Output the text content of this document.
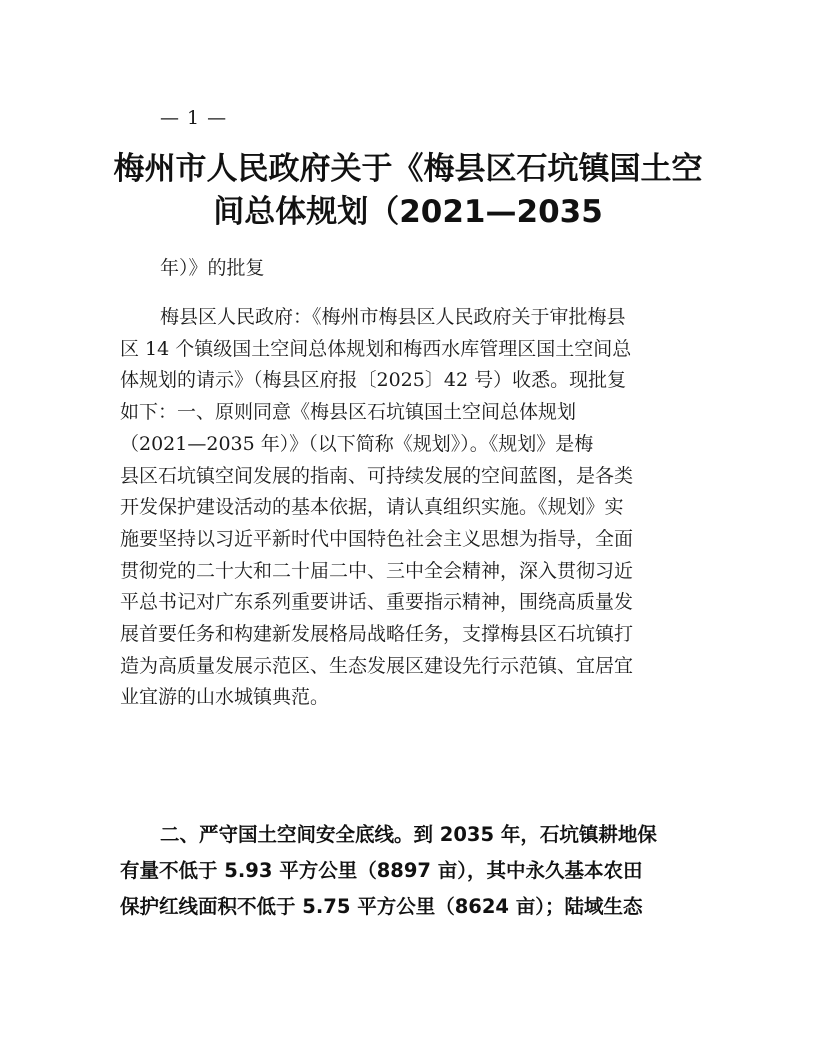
— 1 —
梅州市人民政府关于《梅县区石坑镇国土空
间总体规划（2021—2035
年）》的批复
梅县区人民政府：《梅州市梅县区人民政府关于审批梅县
区 14 个镇级国土空间总体规划和梅西水库管理区国土空间总
体规划的请示》（梅县区府报〔2025〕42 号）收悉。现批复
如下：一、原则同意《梅县区石坑镇国土空间总体规划
（2021—2035 年）》（以下简称《规划》）。《规划》是梅
县区石坑镇空间发展的指南、可持续发展的空间蓝图，是各类
开发保护建设活动的基本依据，请认真组织实施。《规划》实
施要坚持以习近平新时代中国特色社会主义思想为指导，全面
贯彻党的二十大和二十届二中、三中全会精神，深入贯彻习近
平总书记对广东系列重要讲话、重要指示精神，围绕高质量发
展首要任务和构建新发展格局战略任务，支撑梅县区石坑镇打
造为高质量发展示范区、生态发展区建设先行示范镇、宜居宜
业宜游的山水城镇典范。
二、严守国土空间安全底线。到 2035 年，石坑镇耕地保
有量不低于 5.93 平方公里（8897 亩），其中永久基本农田
保护红线面积不低于 5.75 平方公里（8624 亩）；陆域生态
